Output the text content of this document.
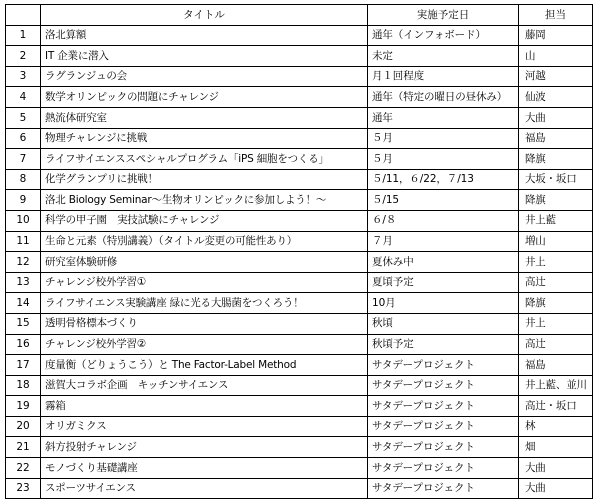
	タイトル	実施予定日	担当
1	洛北算額	通年（インフォボード）	藤岡
2	IT 企業に潜入	未定	山
3	ラグランジュの会	月１回程度	河越
4	数学オリンピックの問題にチャレンジ	通年（特定の曜日の昼休み）	仙波
5	熱流体研究室	通年	大曲
6	物理チャレンジに挑戦	５月	福島
7	ライフサイエンススペシャルプログラム「iPS 細胞をつくる」	５月	降旗
8	化学グランプリに挑戦！	５/11，６/22，７/13	大坂・坂口
9	洛北 Biology Seminar～生物オリンピックに参加しよう！～	５/15	降旗
10	科学の甲子園　実技試験にチャレンジ	６/８	井上藍
11	生命と元素（特別講義）（タイトル変更の可能性あり）	７月	増山
12	研究室体験研修	夏休み中	井上
13	チャレンジ校外学習①	夏頃予定	高辻
14	ライフサイエンス実験講座 緑に光る大腸菌をつくろう！	10月	降旗
15	透明骨格標本づくり	秋頃	井上
16	チャレンジ校外学習②	秋頃予定	高辻
17	度量衡（どりょうこう）と The Factor-Label Method	サタデープロジェクト	福島
18	滋賀大コラボ企画　キッチンサイエンス	サタデープロジェクト	井上藍、並川
19	霧箱	サタデープロジェクト	高辻・坂口
20	オリガミクス	サタデープロジェクト	林
21	斜方投射チャレンジ	サタデープロジェクト	畑
22	モノづくり基礎講座	サタデープロジェクト	大曲
23	スポーツサイエンス	サタデープロジェクト	大曲
